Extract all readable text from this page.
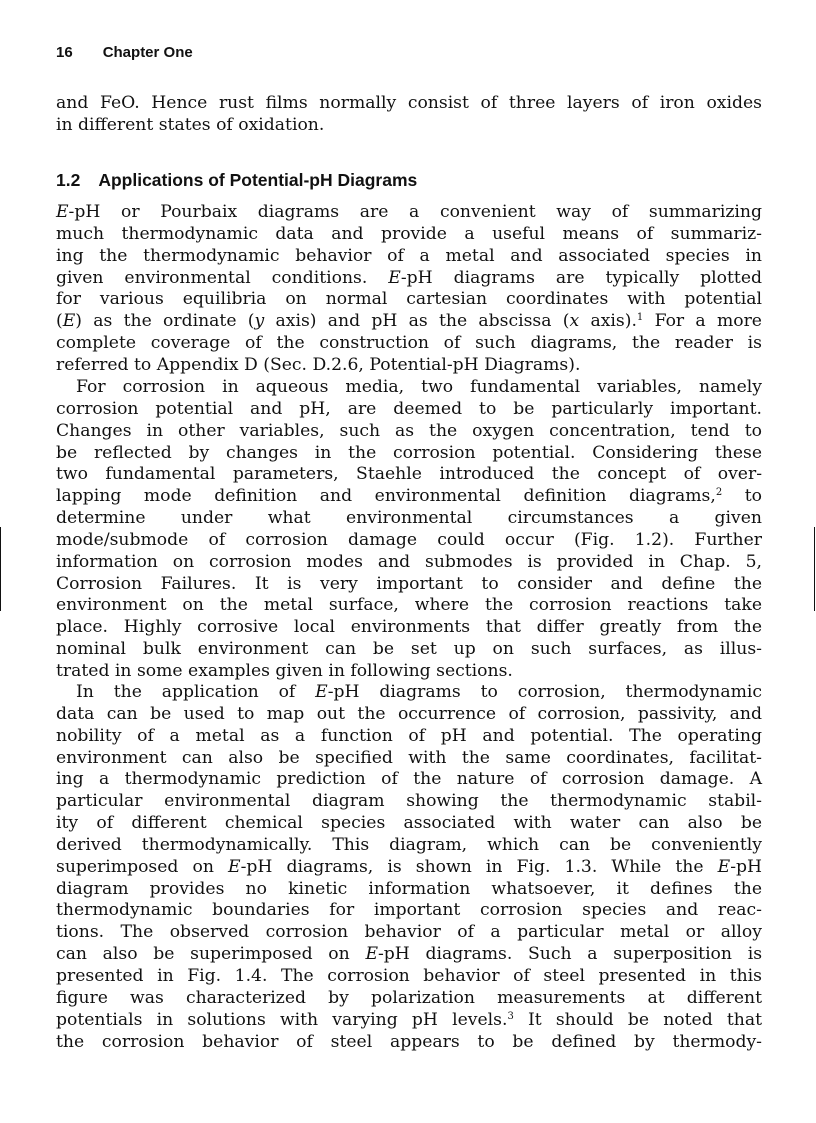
16 Chapter One
and FeO. Hence rust films normally consist of three layers of iron oxides
in different states of oxidation.
1.2 Applications of Potential-pH Diagrams
E-pH or Pourbaix diagrams are a convenient way of summarizing
much thermodynamic data and provide a useful means of summariz-
ing the thermodynamic behavior of a metal and associated species in
given environmental conditions. E-pH diagrams are typically plotted
for various equilibria on normal cartesian coordinates with potential
(E) as the ordinate (y axis) and pH as the abscissa (x axis).$^1$ For a more
complete coverage of the construction of such diagrams, the reader is
referred to Appendix D (Sec. D.2.6, Potential-pH Diagrams).
For corrosion in aqueous media, two fundamental variables, namely
corrosion potential and pH, are deemed to be particularly important.
Changes in other variables, such as the oxygen concentration, tend to
be reflected by changes in the corrosion potential. Considering these
two fundamental parameters, Staehle introduced the concept of over-
lapping mode definition and environmental definition diagrams,$^2$ to
determine under what environmental circumstances a given
mode/submode of corrosion damage could occur (Fig. 1.2). Further
information on corrosion modes and submodes is provided in Chap. 5,
Corrosion Failures. It is very important to consider and define the
environment on the metal surface, where the corrosion reactions take
place. Highly corrosive local environments that differ greatly from the
nominal bulk environment can be set up on such surfaces, as illus-
trated in some examples given in following sections.
In the application of E-pH diagrams to corrosion, thermodynamic
data can be used to map out the occurrence of corrosion, passivity, and
nobility of a metal as a function of pH and potential. The operating
environment can also be specified with the same coordinates, facilitat-
ing a thermodynamic prediction of the nature of corrosion damage. A
particular environmental diagram showing the thermodynamic stabil-
ity of different chemical species associated with water can also be
derived thermodynamically. This diagram, which can be conveniently
superimposed on E-pH diagrams, is shown in Fig. 1.3. While the E-pH
diagram provides no kinetic information whatsoever, it defines the
thermodynamic boundaries for important corrosion species and reac-
tions. The observed corrosion behavior of a particular metal or alloy
can also be superimposed on E-pH diagrams. Such a superposition is
presented in Fig. 1.4. The corrosion behavior of steel presented in this
figure was characterized by polarization measurements at different
potentials in solutions with varying pH levels.$^3$ It should be noted that
the corrosion behavior of steel appears to be defined by thermody-
